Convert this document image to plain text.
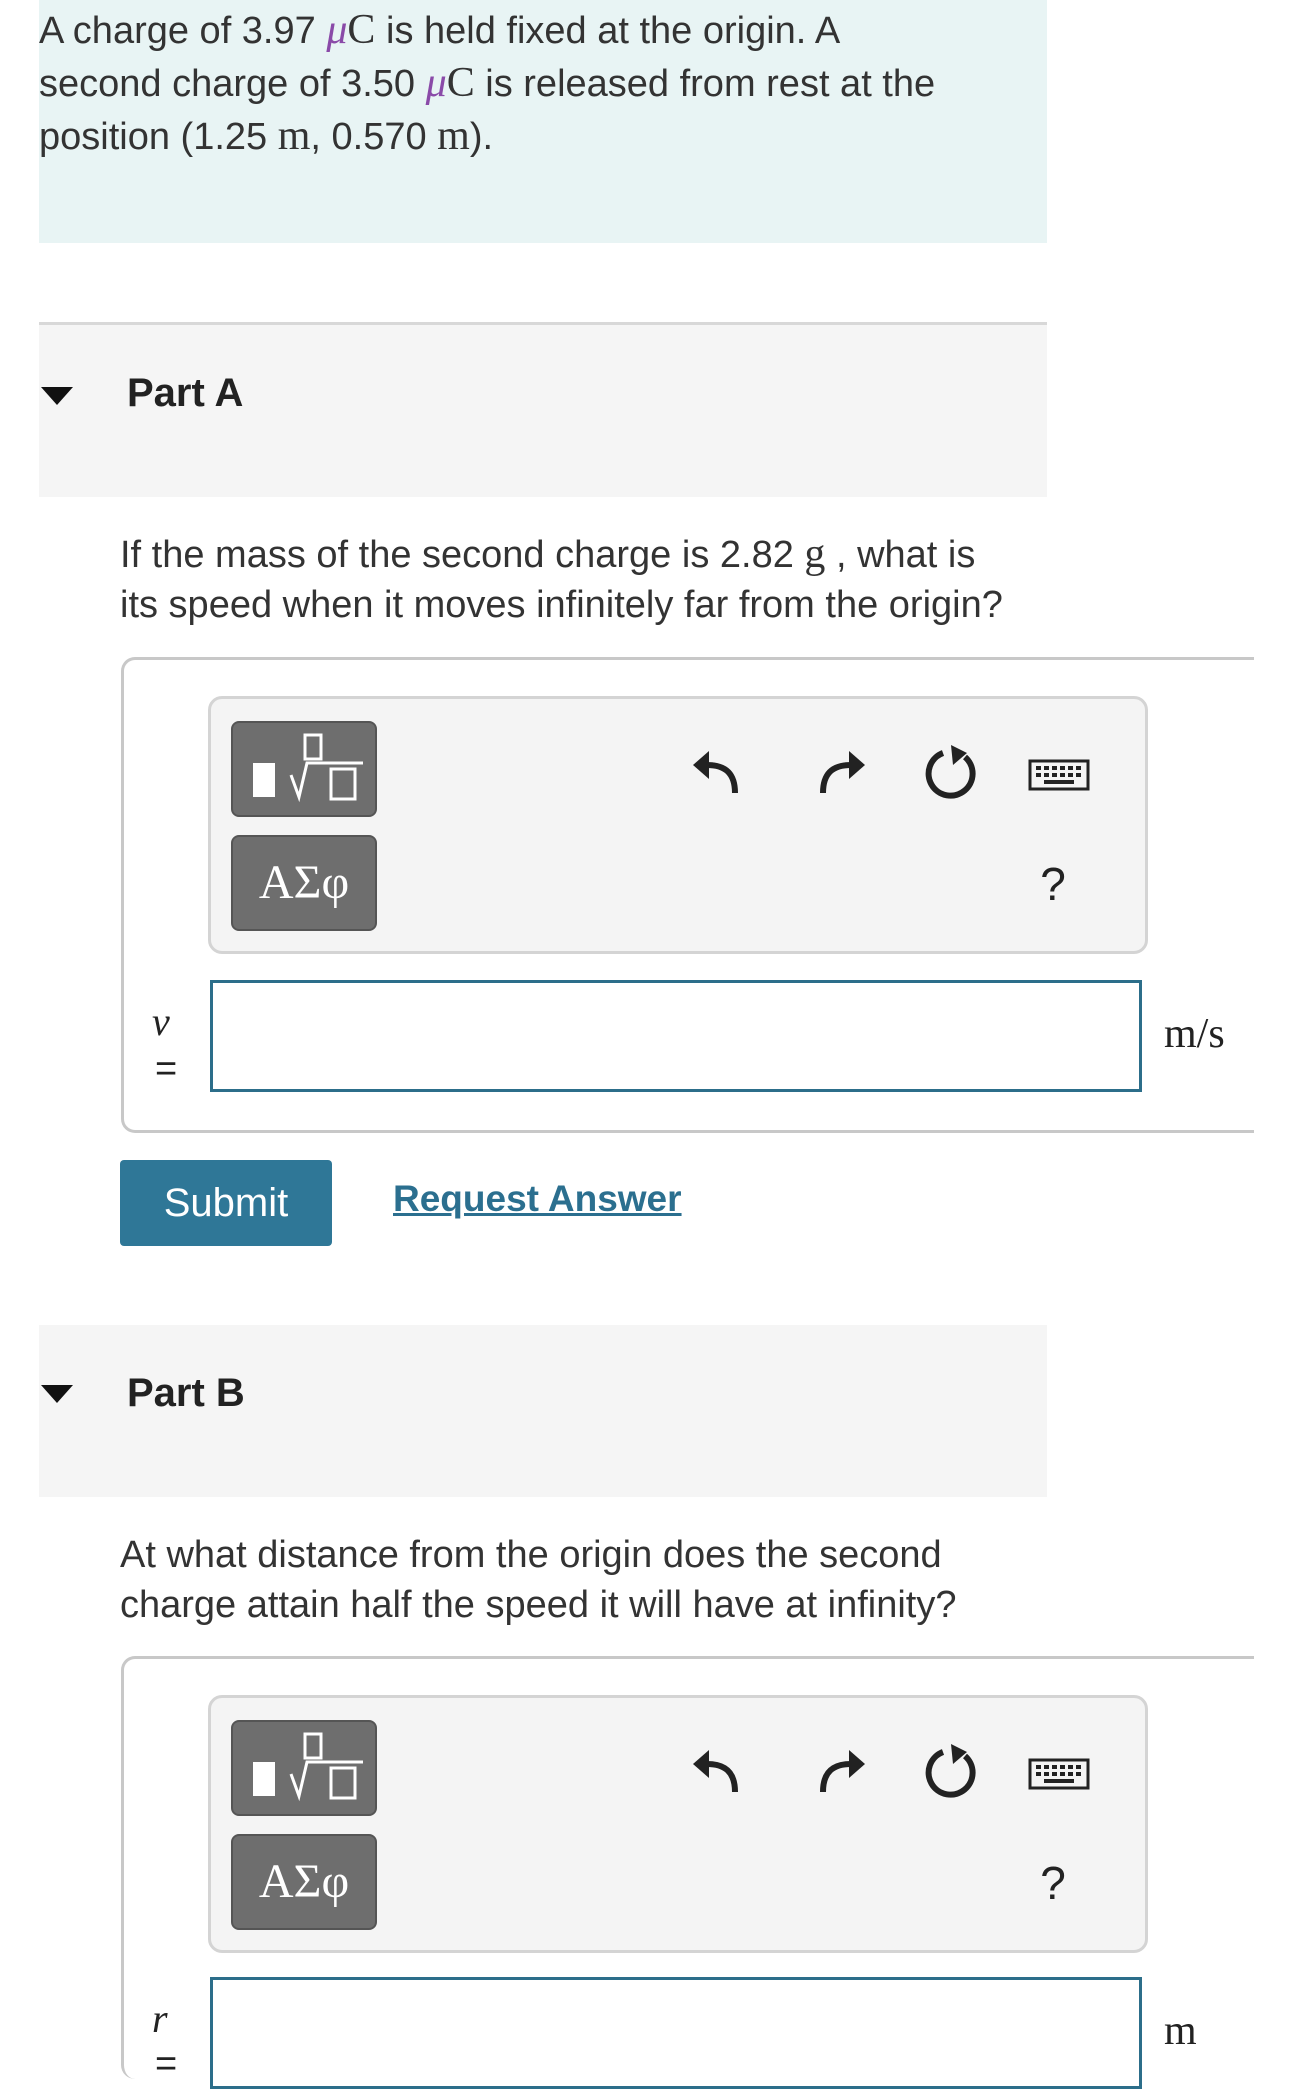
A charge of 3.97 μC is held fixed at the origin. A
second charge of 3.50 μC is released from rest at the
position (1.25 m, 0.570 m).
Part A
If the mass of the second charge is 2.82 g , what is
its speed when it moves infinitely far from the origin?
ΑΣφ	?
v
=
m/s
Submit	Request Answer
Part B
At what distance from the origin does the second
charge attain half the speed it will have at infinity?
ΑΣφ	?
r
=
m
